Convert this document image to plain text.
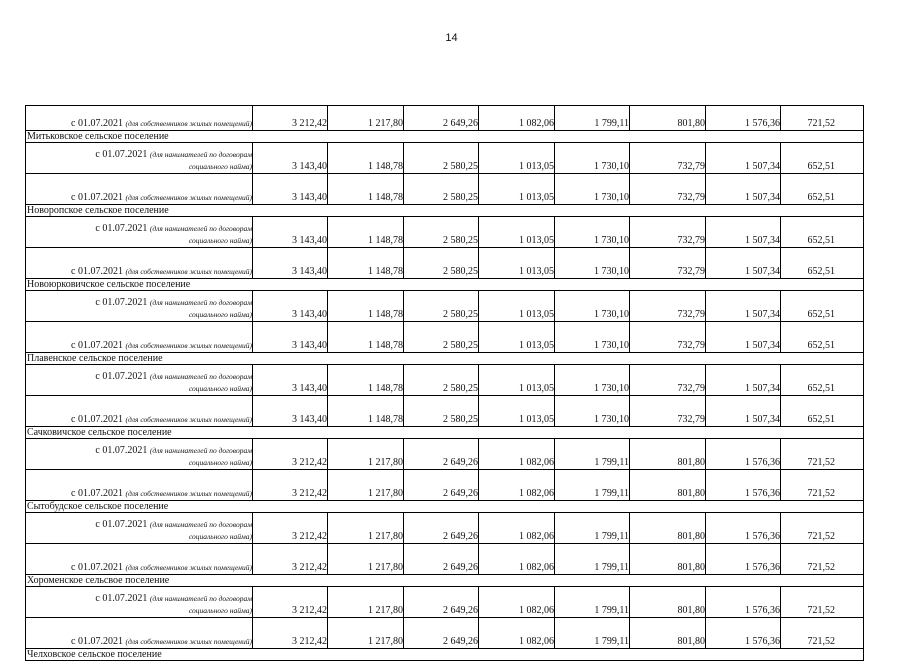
14
с 01.07.2021 (для собственников жилых помещений)	3 212,42	1 217,80	2 649,26	1 082,06	1 799,11	801,80	1 576,36	721,52
Митьковское сельское поселение								

с 01.07.2021 (для нанимателей по договорам
социального найма)	3 143,40	1 148,78	2 580,25	1 013,05	1 730,10	732,79	1 507,34	652,51
с 01.07.2021 (для собственников жилых помещений)	3 143,40	1 148,78	2 580,25	1 013,05	1 730,10	732,79	1 507,34	652,51
Новоропское сельское поселение								

с 01.07.2021 (для нанимателей по договорам
социального найма)	3 143,40	1 148,78	2 580,25	1 013,05	1 730,10	732,79	1 507,34	652,51
с 01.07.2021 (для собственников жилых помещений)	3 143,40	1 148,78	2 580,25	1 013,05	1 730,10	732,79	1 507,34	652,51
Новоюрковичское сельское поселение								

с 01.07.2021 (для нанимателей по договорам
социального найма)	3 143,40	1 148,78	2 580,25	1 013,05	1 730,10	732,79	1 507,34	652,51
с 01.07.2021 (для собственников жилых помещений)	3 143,40	1 148,78	2 580,25	1 013,05	1 730,10	732,79	1 507,34	652,51
Плавенское сельское поселение								

с 01.07.2021 (для нанимателей по договорам
социального найма)	3 143,40	1 148,78	2 580,25	1 013,05	1 730,10	732,79	1 507,34	652,51
с 01.07.2021 (для собственников жилых помещений)	3 143,40	1 148,78	2 580,25	1 013,05	1 730,10	732,79	1 507,34	652,51
Сачковичское сельское поселение								

с 01.07.2021 (для нанимателей по договорам
социального найма)	3 212,42	1 217,80	2 649,26	1 082,06	1 799,11	801,80	1 576,36	721,52
с 01.07.2021 (для собственников жилых помещений)	3 212,42	1 217,80	2 649,26	1 082,06	1 799,11	801,80	1 576,36	721,52
Сытобудское сельское поселение								

с 01.07.2021 (для нанимателей по договорам
социального найма)	3 212,42	1 217,80	2 649,26	1 082,06	1 799,11	801,80	1 576,36	721,52
с 01.07.2021 (для собственников жилых помещений)	3 212,42	1 217,80	2 649,26	1 082,06	1 799,11	801,80	1 576,36	721,52
Хороменское сельсвое поселение								

с 01.07.2021 (для нанимателей по договорам
социального найма)	3 212,42	1 217,80	2 649,26	1 082,06	1 799,11	801,80	1 576,36	721,52
с 01.07.2021 (для собственников жилых помещений)	3 212,42	1 217,80	2 649,26	1 082,06	1 799,11	801,80	1 576,36	721,52
Челховское сельское поселение								
